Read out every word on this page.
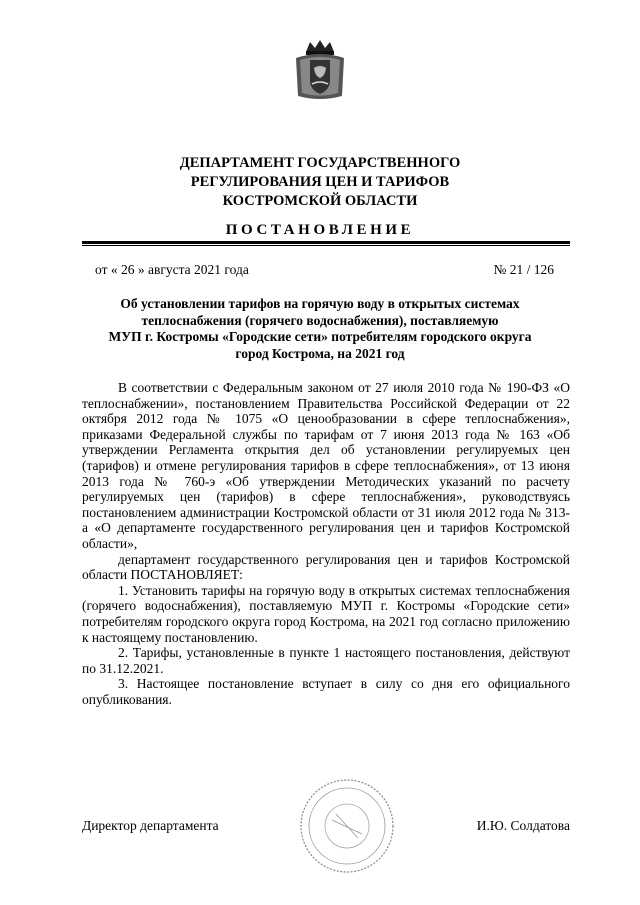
ДЕПАРТАМЕНТ ГОСУДАРСТВЕННОГО
РЕГУЛИРОВАНИЯ ЦЕН И ТАРИФОВ
КОСТРОМСКОЙ ОБЛАСТИ
ПОСТАНОВЛЕНИЕ
от « 26 » августа 2021 года	№ 21 / 126
Об установлении тарифов на горячую воду в открытых системах
теплоснабжения (горячего водоснабжения), поставляемую
МУП г. Костромы «Городские сети» потребителям городского округа
город Кострома, на 2021 год

В соответствии с Федеральным законом от 27 июля 2010 года № 190-ФЗ «О теплоснабжении», постановлением Правительства Российской Федерации от 22 октября 2012 года № 1075 «О ценообразовании в сфере теплоснабжения», приказами Федеральной службы по тарифам от 7 июня 2013 года № 163 «Об утверждении Регламента открытия дел об установлении регулируемых цен (тарифов) и отмене регулирования тарифов в сфере теплоснабжения», от 13 июня 2013 года № 760-э «Об утверждении Методических указаний по расчету регулируемых цен (тарифов) в сфере теплоснабжения», руководствуясь постановлением администрации Костромской области от 31 июля 2012 года № 313-а «О департаменте государственного регулирования цен и тарифов Костромской области»,

департамент государственного регулирования цен и тарифов Костромской области ПОСТАНОВЛЯЕТ:

1. Установить тарифы на горячую воду в открытых системах теплоснабжения (горячего водоснабжения), поставляемую МУП г. Костромы «Городские сети» потребителям городского округа город Кострома, на 2021 год согласно приложению к настоящему постановлению.

2. Тарифы, установленные в пункте 1 настоящего постановления, действуют по 31.12.2021.

3. Настоящее постановление вступает в силу со дня его официального опубликования.

Директор департамента	И.Ю. Солдатова
